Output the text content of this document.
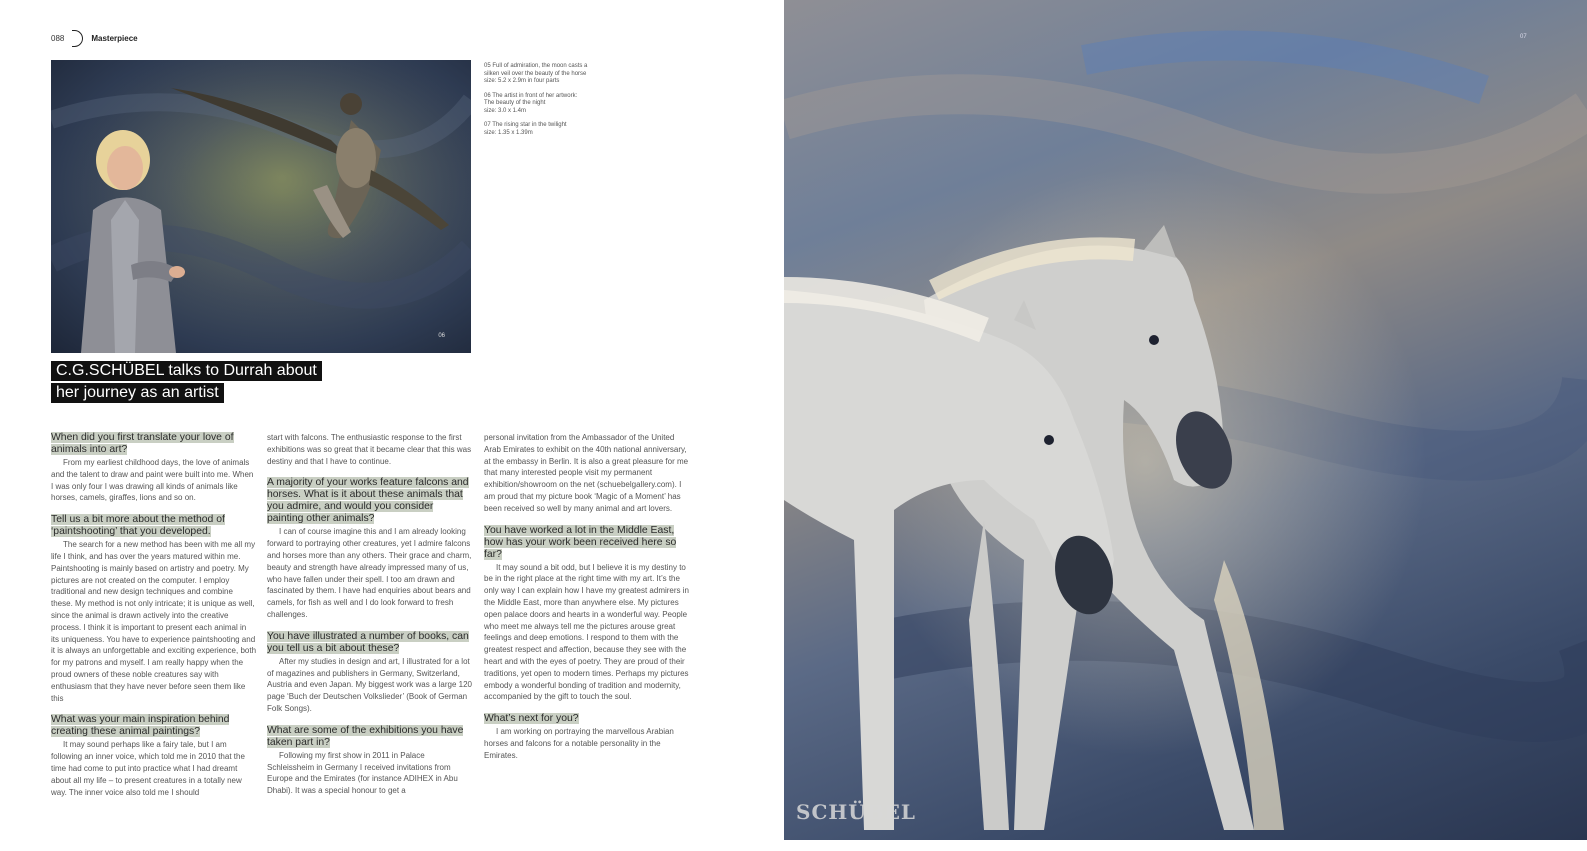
088	Masterpiece
06

05 Full of admiration, the moon casts a
silken veil over the beauty of the horse
size: 5.2 x 2.9m in four parts

06 The artist in front of her artwork:
The beauty of the night
size: 3.0 x 1.4m

07 The rising star in the twilight
size: 1.35 x 1.39m

C.G.SCHÜBEL talks to Durrah about
her journey as an artist
When did you first translate your love of animals into art?

From my earliest childhood days, the love of animals and the talent to draw and paint were built into me. When I was only four I was drawing all kinds of animals like horses, camels, giraffes, lions and so on.

Tell us a bit more about the method of ‘paintshooting’ that you developed.

The search for a new method has been with me all my life I think, and has over the years matured within me. Paintshooting is mainly based on artistry and poetry. My pictures are not created on the computer. I employ traditional and new design techniques and combine these. My method is not only intricate; it is unique as well, since the animal is drawn actively into the creative process. I think it is important to present each animal in its uniqueness. You have to experience paintshooting and it is always an unforgettable and exciting experience, both for my patrons and myself. I am really happy when the proud owners of these noble creatures say with enthusiasm that they have never before seen them like this

What was your main inspiration behind creating these animal paintings?

It may sound perhaps like a fairy tale, but I am following an inner voice, which told me in 2010 that the time had come to put into practice what I had dreamt about all my life – to present creatures in a totally new way. The inner voice also told me I should

start with falcons. The enthusiastic response to the first exhibitions was so great that it became clear that this was destiny and that I have to continue.

A majority of your works feature falcons and horses. What is it about these animals that you admire, and would you consider painting other animals?

I can of course imagine this and I am already looking forward to portraying other creatures, yet I admire falcons and horses more than any others. Their grace and charm, beauty and strength have already impressed many of us, who have fallen under their spell. I too am drawn and fascinated by them. I have had enquiries about bears and camels, for fish as well and I do look forward to fresh challenges.

You have illustrated a number of books, can you tell us a bit about these?

After my studies in design and art, I illustrated for a lot of magazines and publishers in Germany, Switzerland, Austria and even Japan. My biggest work was a large 120 page ‘Buch der Deutschen Volkslieder’ (Book of German Folk Songs).

What are some of the exhibitions you have taken part in?

Following my first show in 2011 in Palace Schleissheim in Germany I received invitations from Europe and the Emirates (for instance ADIHEX in Abu Dhabi). It was a special honour to get a

personal invitation from the Ambassador of the United Arab Emirates to exhibit on the 40th national anniversary, at the embassy in Berlin. It is also a great pleasure for me that many interested people visit my permanent exhibition/showroom on the net (schuebelgallery.com). I am proud that my picture book ‘Magic of a Moment’ has been received so well by many animal and art lovers.

You have worked a lot in the Middle East, how has your work been received here so far?

It may sound a bit odd, but I believe it is my destiny to be in the right place at the right time with my art. It’s the only way I can explain how I have my greatest admirers in the Middle East, more than anywhere else. My pictures open palace doors and hearts in a wonderful way. People who meet me always tell me the pictures arouse great feelings and deep emotions. I respond to them with the greatest respect and affection, because they see with the heart and with the eyes of poetry. They are proud of their traditions, yet open to modern times. Perhaps my pictures embody a wonderful bonding of tradition and modernity, accompanied by the gift to touch the soul.

What’s next for you?

I am working on portraying the marvellous Arabian horses and falcons for a notable personality in the Emirates.

07
SCHÜBEL
